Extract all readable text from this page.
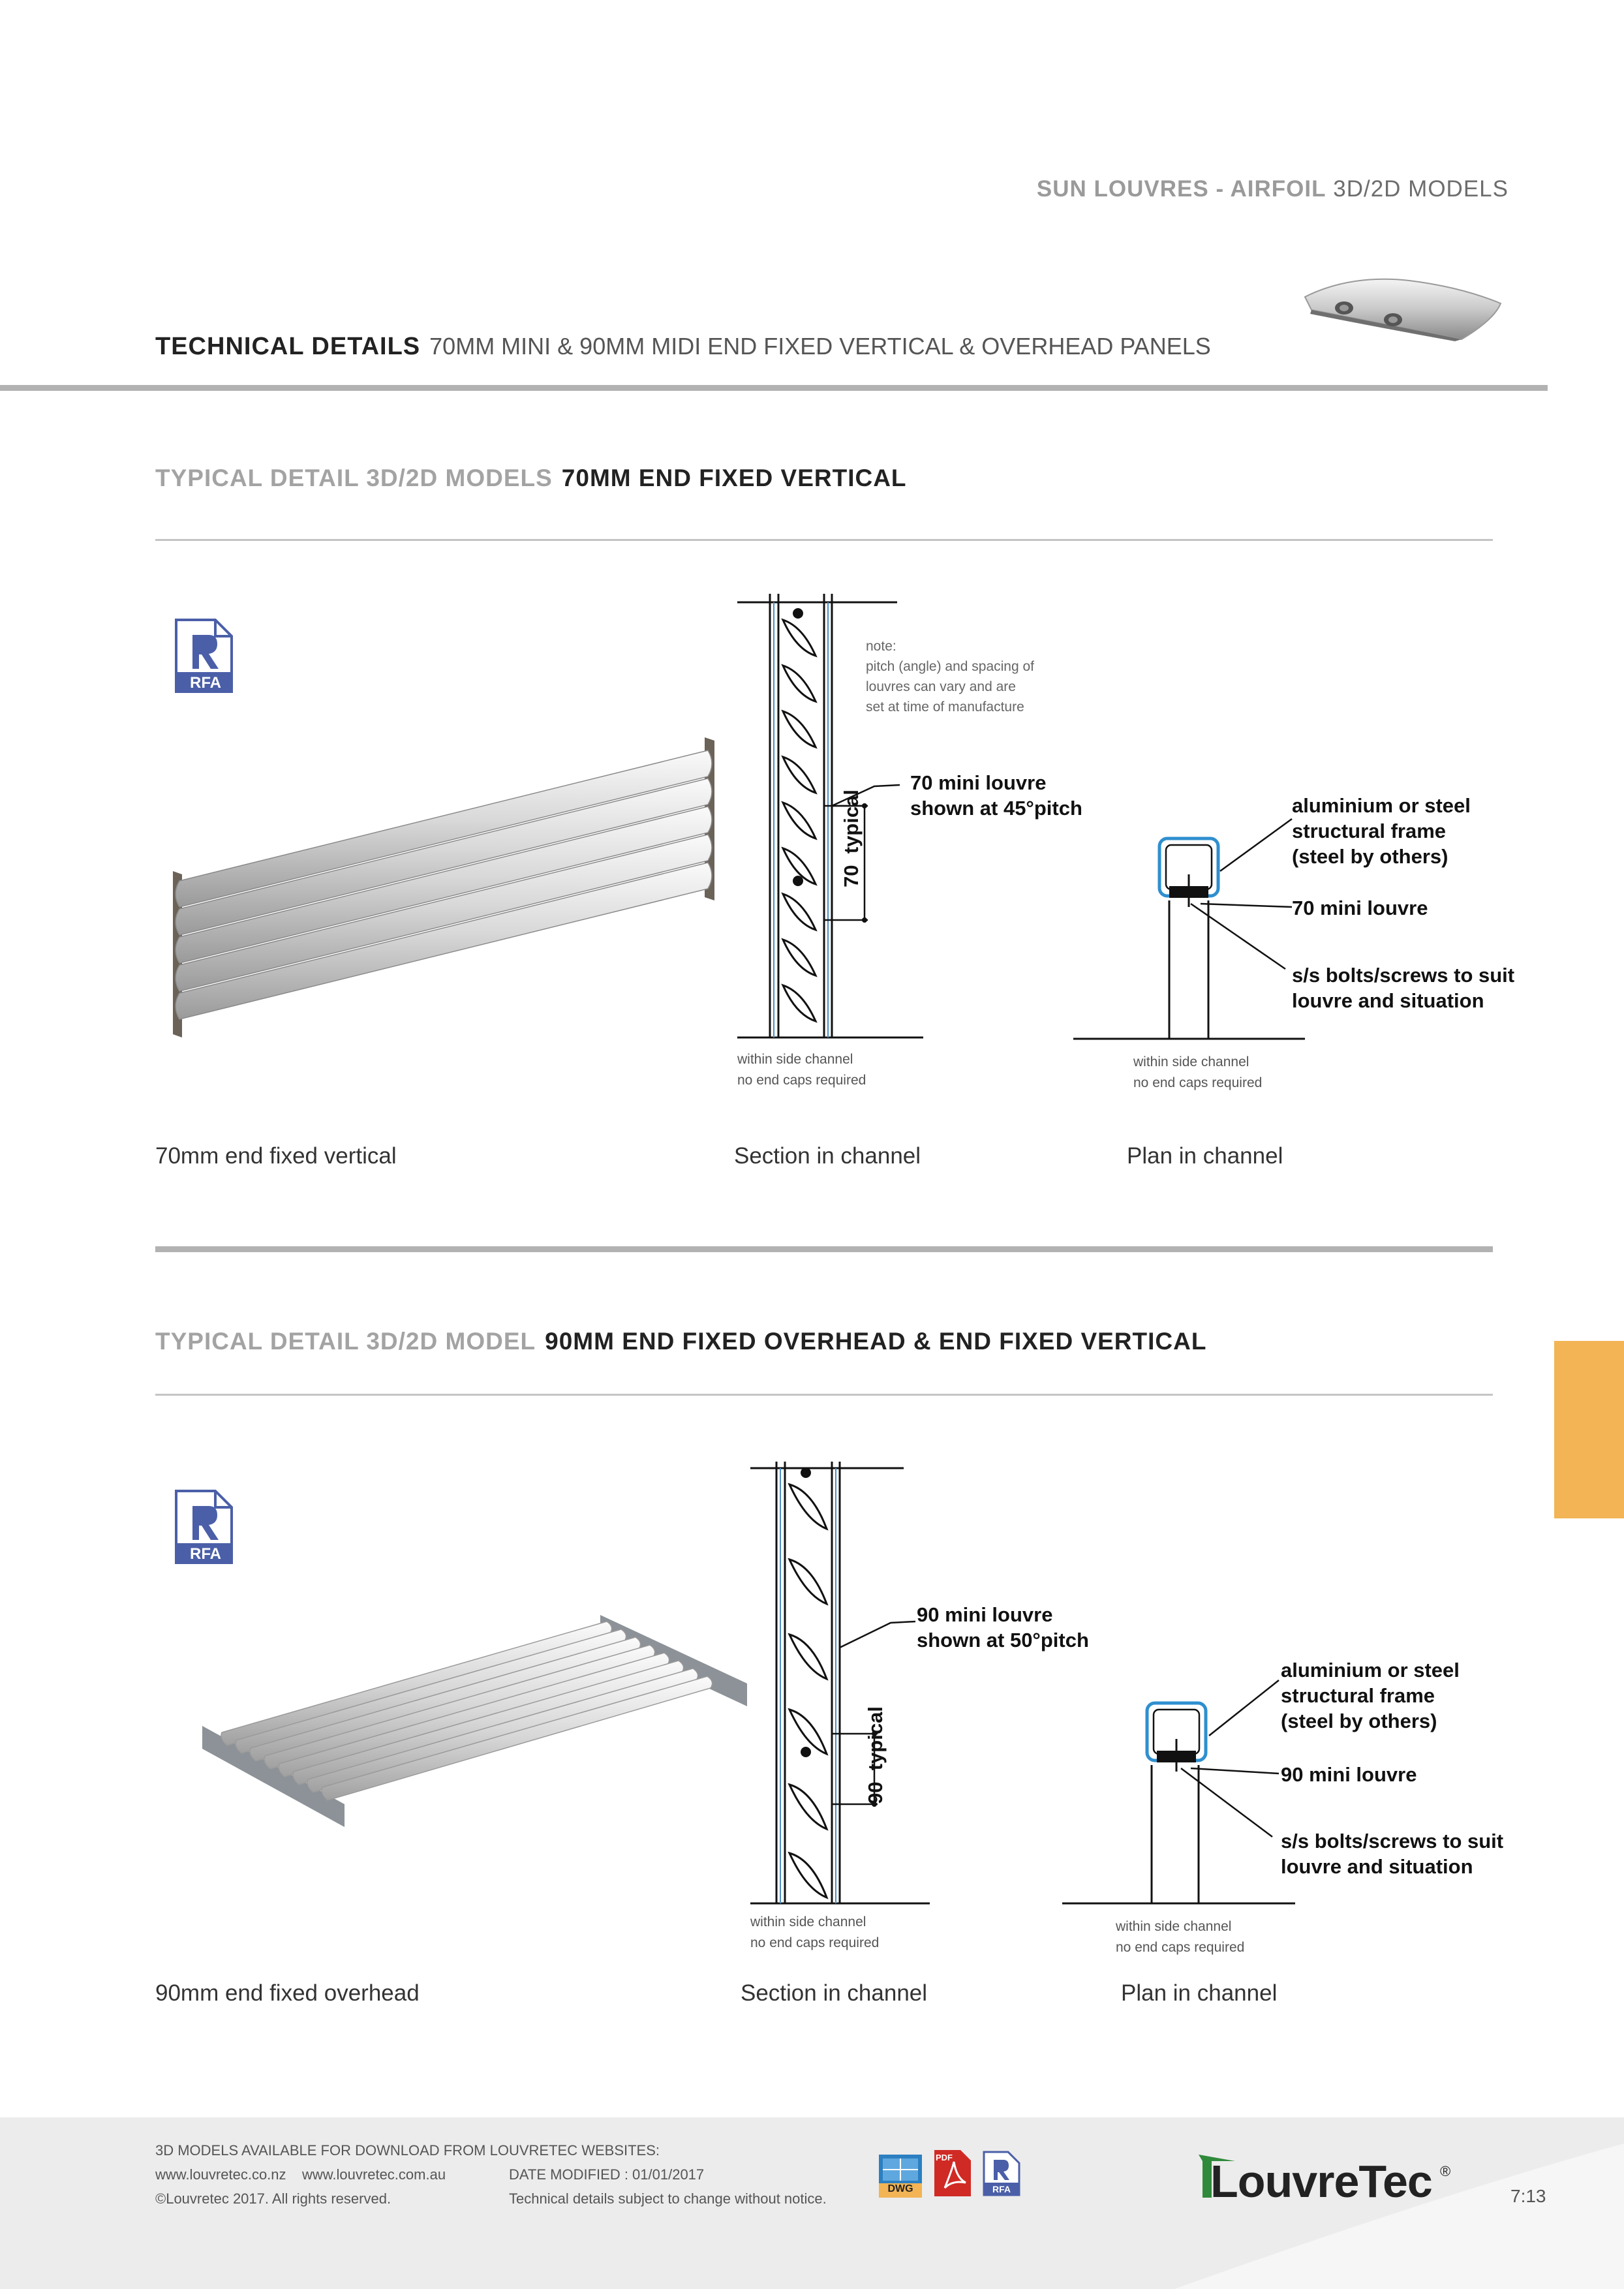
SUN LOUVRES - AIRFOIL 3D/2D MODELS
TECHNICAL DETAILS 70MM MINI & 90MM MIDI END FIXED VERTICAL & OVERHEAD PANELS
TYPICAL DETAIL 3D/2D MODELS 70MM END FIXED VERTICAL
RFA
note:
pitch (angle) and spacing of
louvres can vary and are
set at time of manufacture
70 mini louvre
shown at 45°pitch
70  typical
within side channel
no end caps required
aluminium or steel
structural frame
(steel by others)
70 mini louvre
s/s bolts/screws to suit
louvre and situation
within side channel
no end caps required
70mm end fixed vertical	Section in channel	Plan in channel
TYPICAL DETAIL 3D/2D MODEL 90MM END FIXED OVERHEAD & END FIXED VERTICAL
RFA
90 mini louvre
shown at 50°pitch
90  typical
within side channel
no end caps required
aluminium or steel
structural frame
(steel by others)
90 mini louvre
s/s bolts/screws to suit
louvre and situation
within side channel
no end caps required
90mm end fixed overhead	Section in channel	Plan in channel
3D MODELS AVAILABLE FOR DOWNLOAD FROM LOUVRETEC WEBSITES:
www.louvretec.co.nz    www.louvretec.com.au	DATE MODIFIED : 01/01/2017
©Louvretec 2017. All rights reserved.	Technical details subject to change without notice.
DWG
PDF
RFA	LouvreTec ®
7:13
